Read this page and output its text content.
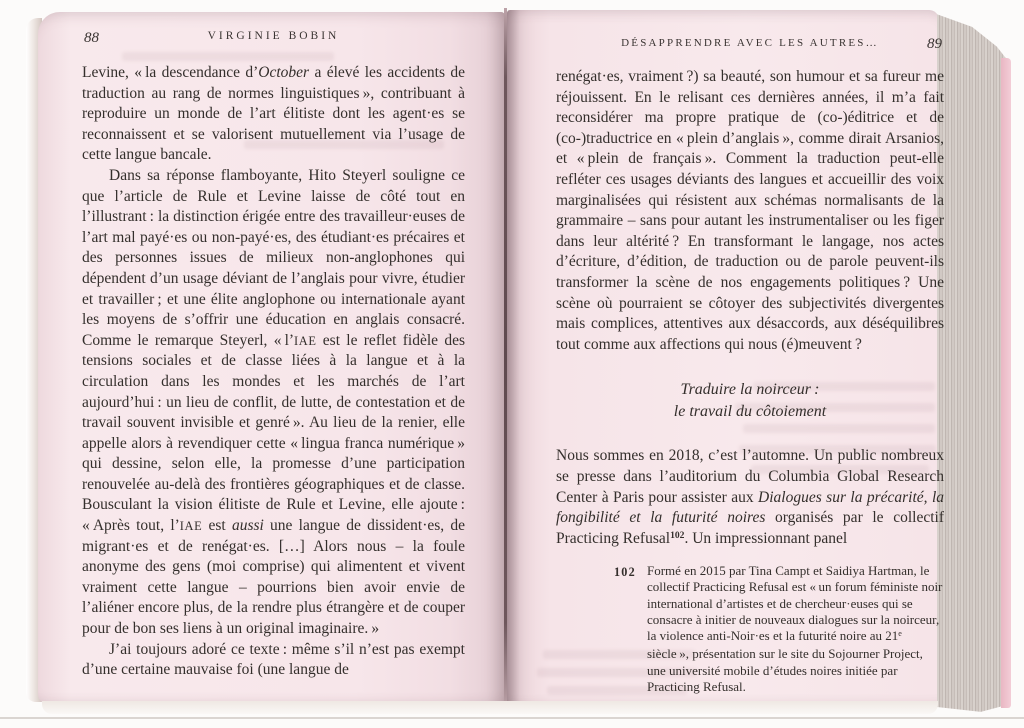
88	VIRGINIE BOBIN

Levine, « la descendance d’October a élevé les accidents de traduction au rang de normes linguistiques », contribuant à reproduire un monde de l’art élitiste dont les agent·es se reconnaissent et se valorisent mutuellement via l’usage de cette langue bancale.

Dans sa réponse flamboyante, Hito Steyerl souligne ce que l’article de Rule et Levine laisse de côté tout en l’illustrant : la distinction érigée entre des travailleur·euses de l’art mal payé·es ou non-payé·es, des étudiant·es précaires et des personnes issues de milieux non-anglophones qui dépendent d’un usage déviant de l’anglais pour vivre, étudier et travailler ; et une élite anglophone ou internationale ayant les moyens de s’offrir une éducation en anglais consacré. Comme le remarque Steyerl, « l’IAE est le reflet fidèle des tensions sociales et de classe liées à la langue et à la circulation dans les mondes et les marchés de l’art aujourd’hui : un lieu de conflit, de lutte, de contestation et de travail souvent invisible et genré ». Au lieu de la renier, elle appelle alors à revendiquer cette « lingua franca numérique » qui dessine, selon elle, la promesse d’une participation renouvelée au-delà des frontières géographiques et de classe. Bousculant la vision élitiste de Rule et Levine, elle ajoute : « Après tout, l’IAE est aussi une langue de dissident·es, de migrant·es et de renégat·es. […] Alors nous – la foule anonyme des gens (moi comprise) qui alimentent et vivent vraiment cette langue – pourrions bien avoir envie de l’aliéner encore plus, de la rendre plus étrangère et de couper pour de bon ses liens à un original imaginaire. »

J’ai toujours adoré ce texte : même s’il n’est pas exempt d’une certaine mauvaise foi (une langue de

DÉSAPPRENDRE AVEC LES AUTRES…	89

renégat·es, vraiment ?) sa beauté, son humour et sa fureur me réjouissent. En le relisant ces dernières années, il m’a fait reconsidérer ma propre pratique de (co-)éditrice et de (co-)traductrice en « plein d’anglais », comme dirait Arsanios, et « plein de français ». Comment la traduction peut-elle refléter ces usages déviants des langues et accueillir des voix marginalisées qui résistent aux schémas normalisants de la grammaire – sans pour autant les instrumentaliser ou les figer dans leur altérité ? En transformant le langage, nos actes d’écriture, d’édition, de traduction ou de parole peuvent-ils transformer la scène de nos engagements politiques ? Une scène où pourraient se côtoyer des subjectivités divergentes mais complices, attentives aux désaccords, aux déséquilibres tout comme aux affections qui nous (é)meuvent ?

Traduire la noirceur :
le travail du côtoiement

Nous sommes en 2018, c’est l’automne. Un public nombreux se presse dans l’auditorium du Columbia Global Research Center à Paris pour assister aux Dialogues sur la précarité, la fongibilité et la futurité noires organisés par le collectif Practicing Refusal$^{102}$. Un impressionnant panel

102 Formé en 2015 par Tina Campt et Saidiya Hartman, le collectif Practicing Refusal est « un forum féministe noir international d’artistes et de chercheur·euses qui se consacre à initier de nouveaux dialogues sur la noirceur, la violence anti-Noir·es et la futurité noire au 21e siècle », présentation sur le site du Sojourner Project, une université mobile d’études noires initiée par Practicing Refusal.
